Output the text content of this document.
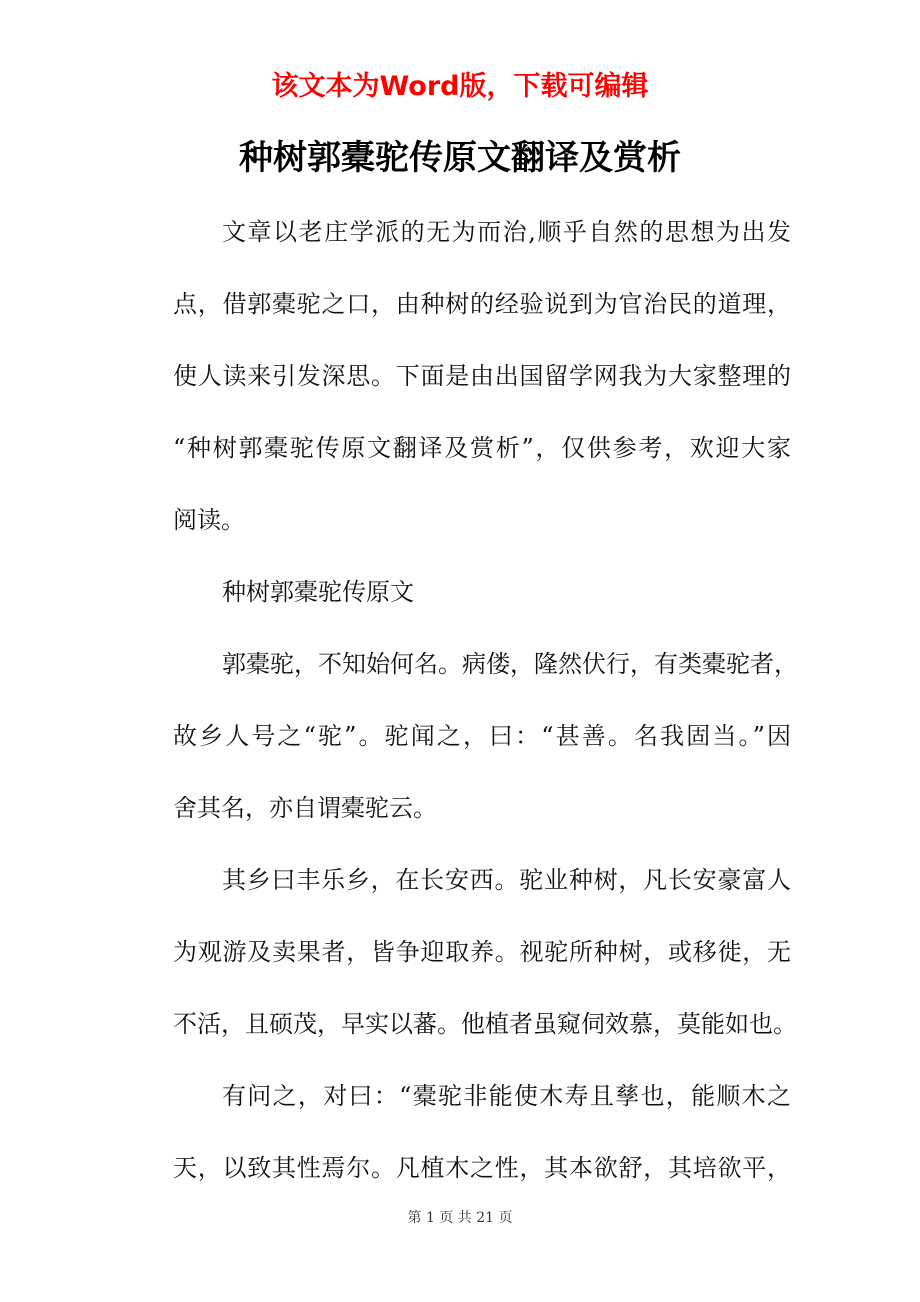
该文本为Word版，下载可编辑
种树郭橐驼传原文翻译及赏析
文章以老庄学派的无为而治,顺乎自然的思想为出发
点，借郭橐驼之口，由种树的经验说到为官治民的道理，
使人读来引发深思。下面是由出国留学网我为大家整理的
“种树郭橐驼传原文翻译及赏析”，仅供参考，欢迎大家
阅读。
种树郭橐驼传原文
郭橐驼，不知始何名。病偻，隆然伏行，有类橐驼者，
故乡人号之“驼”。驼闻之，曰：“甚善。名我固当。”因
舍其名，亦自谓橐驼云。
其乡曰丰乐乡，在长安西。驼业种树，凡长安豪富人
为观游及卖果者，皆争迎取养。视驼所种树，或移徙，无
不活，且硕茂，早实以蕃。他植者虽窥伺效慕，莫能如也。
有问之，对曰：“橐驼非能使木寿且孳也，能顺木之
天，以致其性焉尔。凡植木之性，其本欲舒，其培欲平，
第 1 页 共 21 页
